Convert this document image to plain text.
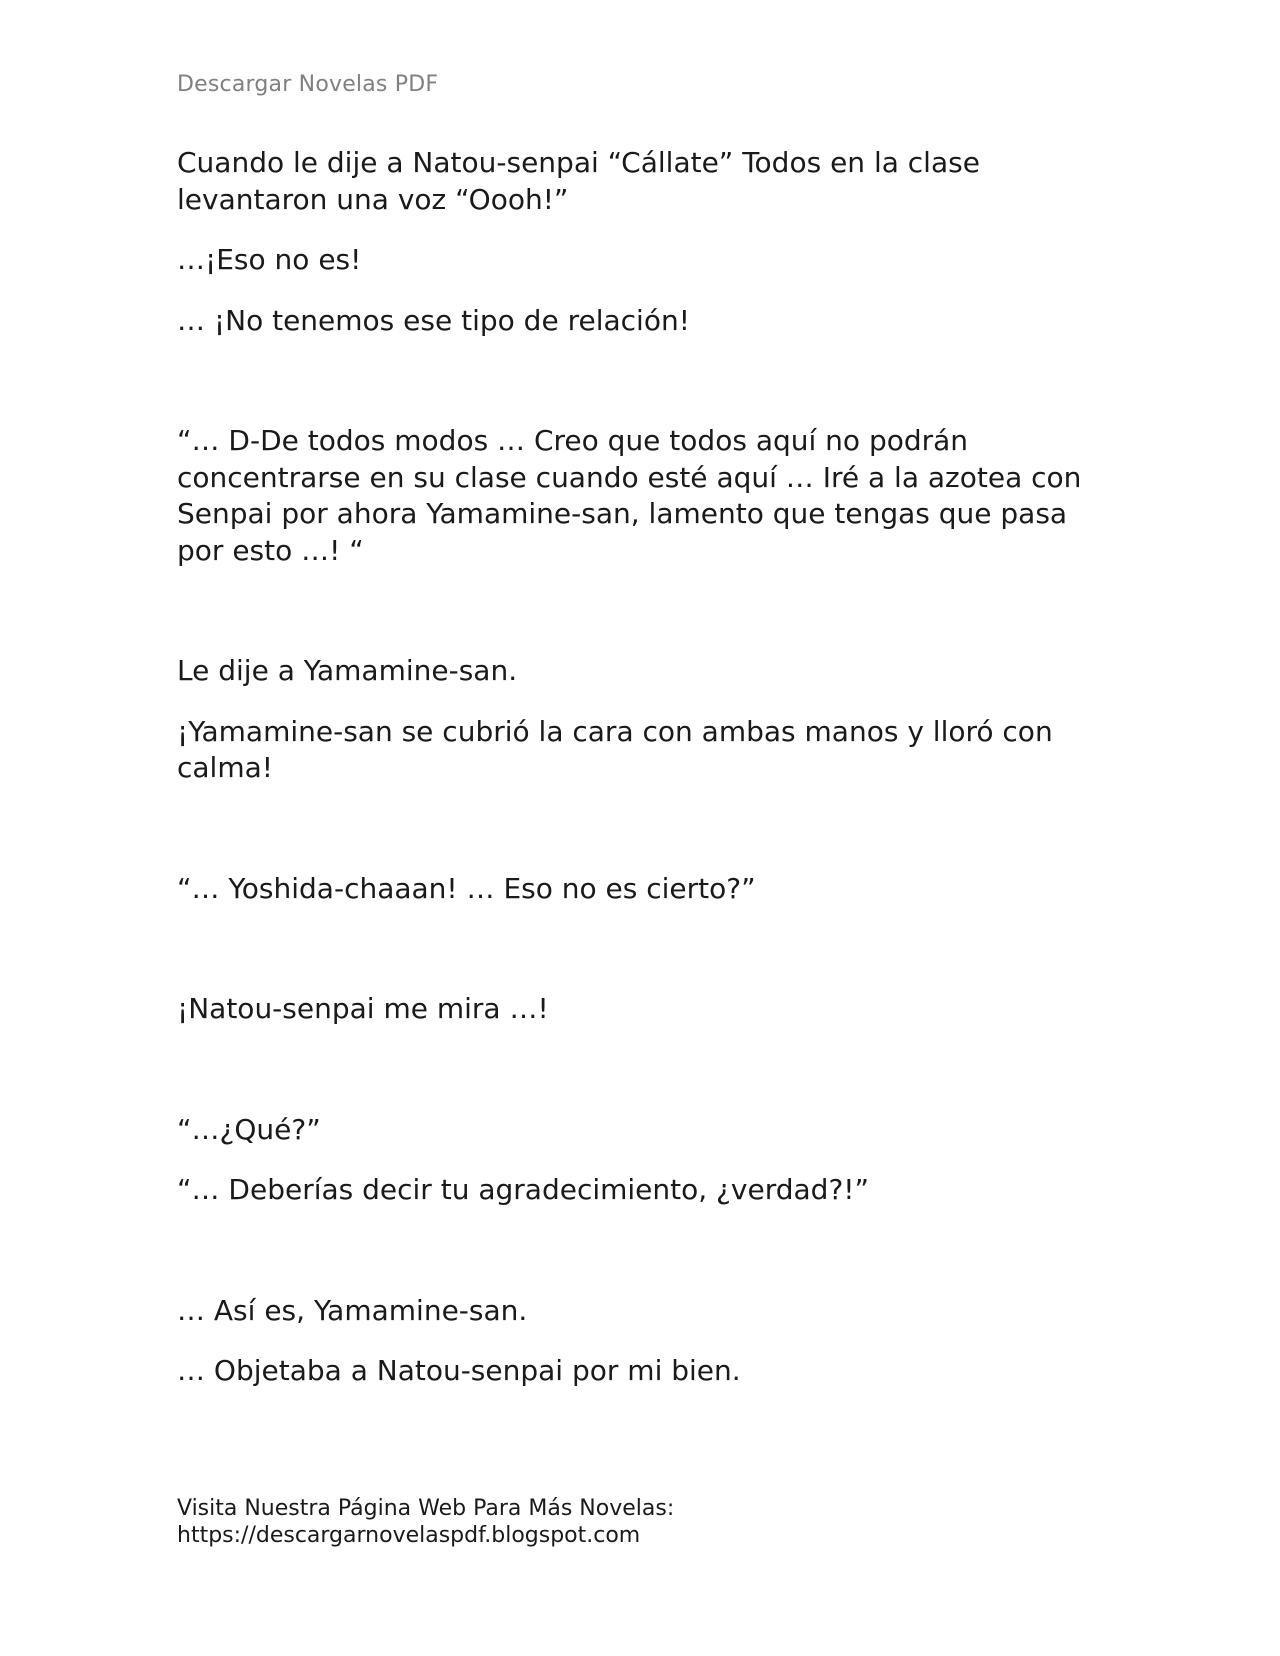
Descargar Novelas PDF

Cuando le dije a Natou-senpai “Cállate” Todos en la clase levantaron una voz “Oooh!”

…¡Eso no es!

… ¡No tenemos ese tipo de relación!

“… D-De todos modos … Creo que todos aquí no podrán concentrarse en su clase cuando esté aquí … Iré a la azotea con Senpai por ahora Yamamine-san, lamento que tengas que pasa por esto …! “

Le dije a Yamamine-san.

¡Yamamine-san se cubrió la cara con ambas manos y lloró con calma!

“… Yoshida-chaaan! … Eso no es cierto?”

¡Natou-senpai me mira …!

“…¿Qué?”

“… Deberías decir tu agradecimiento, ¿verdad?!”

… Así es, Yamamine-san.

… Objetaba a Natou-senpai por mi bien.

Visita Nuestra Página Web Para Más Novelas:
https://descargarnovelaspdf.blogspot.com
